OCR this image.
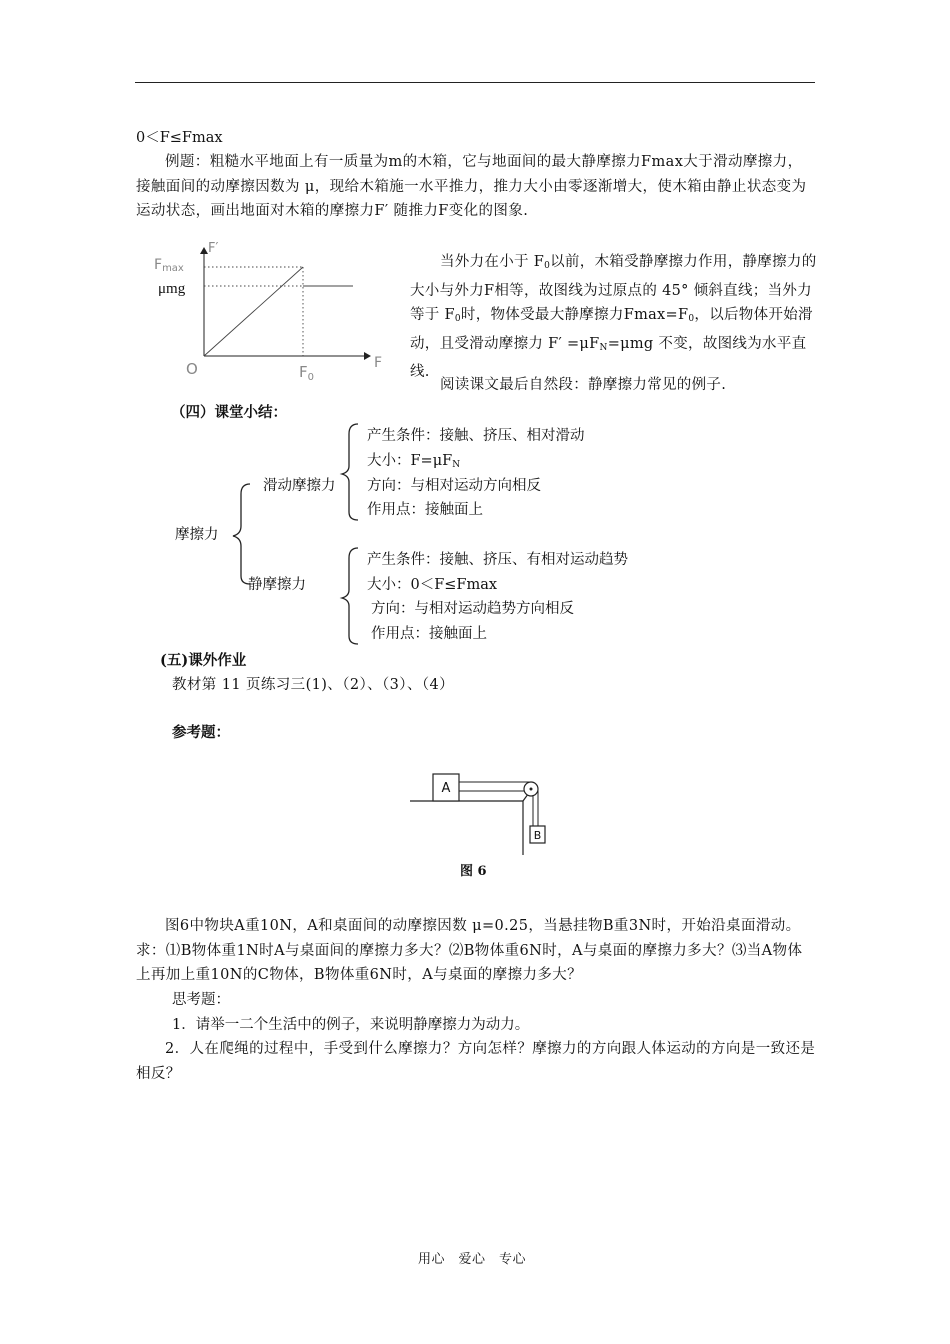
0＜F≤Fmax
例题：粗糙水平地面上有一质量为m的木箱，它与地面间的最大静摩擦力Fmax大于滑动摩擦力，接触面间的动摩擦因数为 μ，现给木箱施一水平推力，推力大小由零逐渐增大，使木箱由静止状态变为运动状态，画出地面对木箱的摩擦力F′ 随推力F变化的图象.
F′
Fmax
μmg
O	$F_0$
F
当外力在小于 $F_0$以前，木箱受静摩擦力作用，静摩擦力的大小与外力F相等，故图线为过原点的 45° 倾斜直线；当外力等于 $F_0$时，物体受最大静摩擦力$Fmax=F_0$，以后物体开始滑动，且受滑动摩擦力 $F' =\mu F_N=\mu mg$ 不变，故图线为水平直线.
阅读课文最后自然段：静摩擦力常见的例子.
（四）课堂小结：
摩擦力
滑动摩擦力
静摩擦力
产生条件：接触、挤压、相对滑动
大小：$F=\mu F_N$
方向：与相对运动方向相反
作用点：接触面上
产生条件：接触、挤压、有相对运动趋势
大小：0＜F≤Fmax
方向：与相对运动趋势方向相反
作用点：接触面上
(五)课外作业
教材第 11 页练习三(1)、（2）、（3）、（4）
参考题：
A
B
图 6
图6中物块A重10N，A和桌面间的动摩擦因数 μ=0.25，当悬挂物B重3N时，开始沿桌面滑动。求：⑴B物体重1N时A与桌面间的摩擦力多大？⑵B物体重6N时，A与桌面的摩擦力多大？⑶当A物体上再加上重10N的C物体，B物体重6N时，A与桌面的摩擦力多大？
思考题：
1．请举一二个生活中的例子，来说明静摩擦力为动力。
2．人在爬绳的过程中，手受到什么摩擦力？方向怎样？摩擦力的方向跟人体运动的方向是一致还是相反？
用心　爱心　专心
